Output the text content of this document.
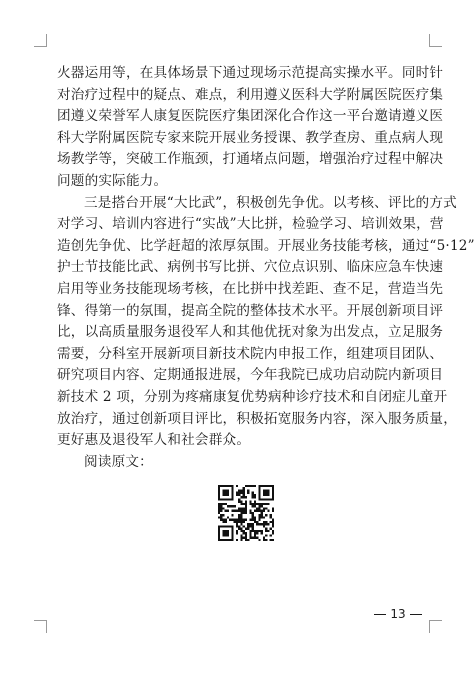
火器运用等，在具体场景下通过现场示范提高实操水平。同时针
对治疗过程中的疑点、难点，利用遵义医科大学附属医院医疗集
团遵义荣誉军人康复医院医疗集团深化合作这一平台邀请遵义医
科大学附属医院专家来院开展业务授课、教学查房、重点病人现
场教学等，突破工作瓶颈，打通堵点问题，增强治疗过程中解决
问题的实际能力。
三是搭台开展“大比武”，积极创先争优。以考核、评比的方式
对学习、培训内容进行“实战”大比拼，检验学习、培训效果，营
造创先争优、比学赶超的浓厚氛围。开展业务技能考核，通过“5·12”
护士节技能比武、病例书写比拼、穴位点识别、临床应急车快速
启用等业务技能现场考核，在比拼中找差距、查不足，营造当先
锋、得第一的氛围，提高全院的整体技术水平。开展创新项目评
比，以高质量服务退役军人和其他优抚对象为出发点，立足服务
需要，分科室开展新项目新技术院内申报工作，组建项目团队、
研究项目内容、定期通报进展，今年我院已成功启动院内新项目
新技术 2 项，分别为疼痛康复优势病种诊疗技术和自闭症儿童开
放治疗，通过创新项目评比，积极拓宽服务内容，深入服务质量，
更好惠及退役军人和社会群众。
阅读原文：
13
